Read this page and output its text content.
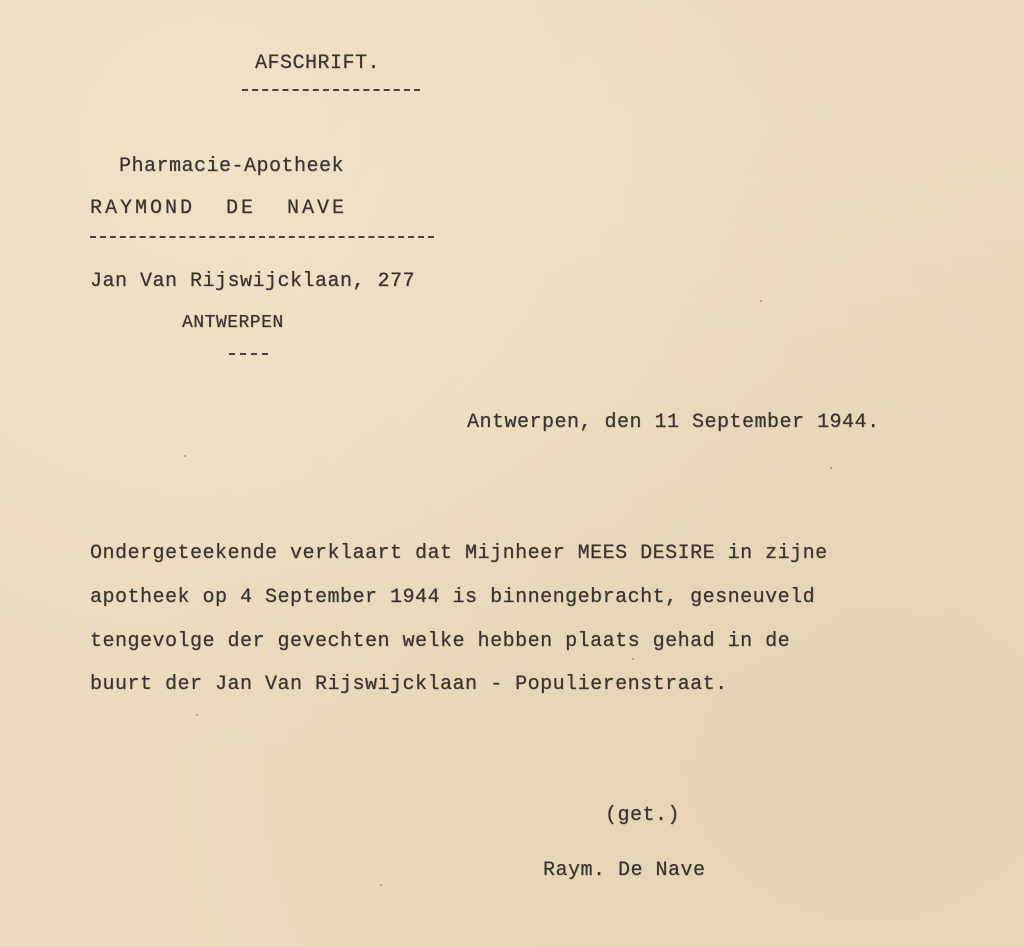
AFSCHRIFT.
Pharmacie-Apotheek
RAYMOND DE NAVE
Jan Van Rijswijcklaan, 277
ANTWERPEN
Antwerpen, den 11 September 1944.
Ondergeteekende verklaart dat Mijnheer MEES DESIRE in zijne
apotheek op 4 September 1944 is binnengebracht, gesneuveld
tengevolge der gevechten welke hebben plaats gehad in de
buurt der Jan Van Rijswijcklaan - Populierenstraat.
(get.)
Raym. De Nave
